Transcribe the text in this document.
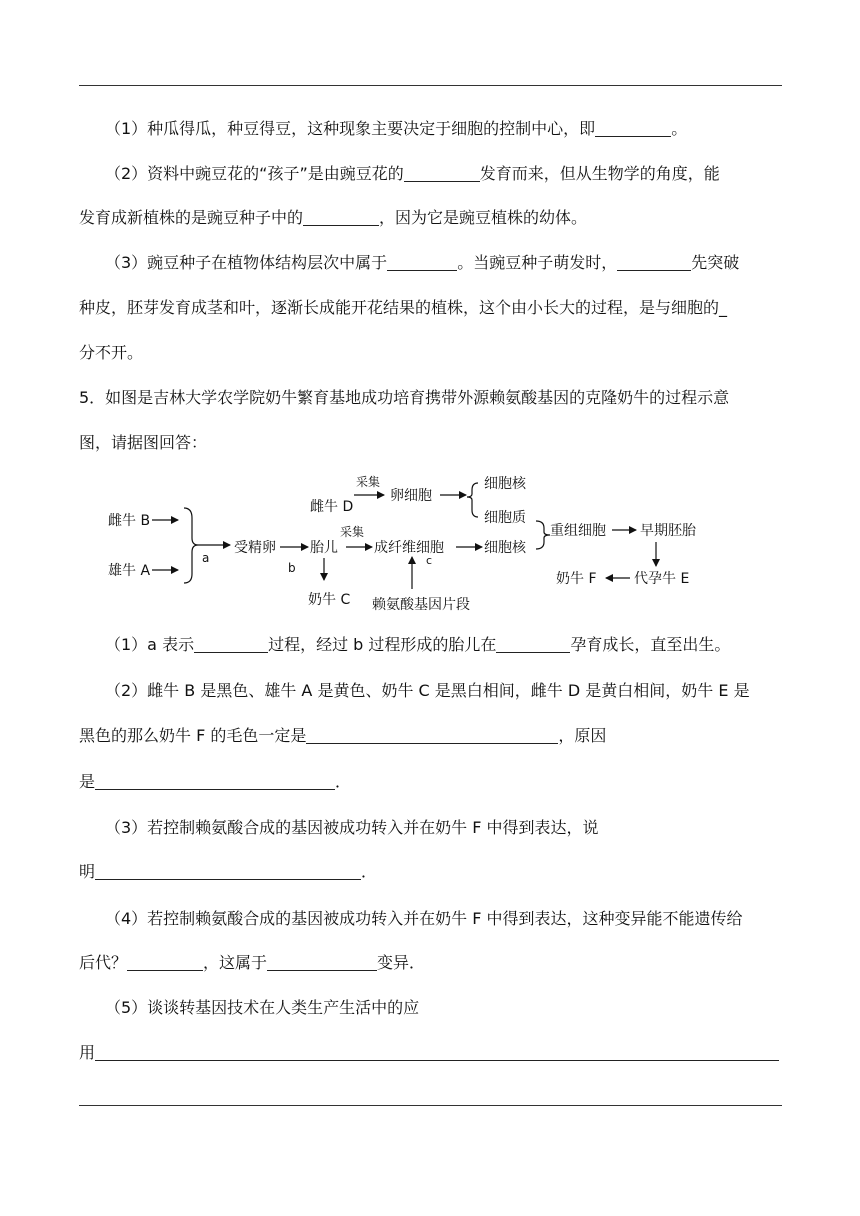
（1）种瓜得瓜，种豆得豆，这种现象主要决定于细胞的控制中心，即	。
（2）资料中豌豆花的“孩子”是由豌豆花的	发育而来，但从生物学的角度，能
发育成新植株的是豌豆种子中的	，因为它是豌豆植株的幼体。
（3）豌豆种子在植物体结构层次中属于	。当豌豆种子萌发时，	先突破
种皮，胚芽发育成茎和叶，逐渐长成能开花结果的植株，这个由小长大的过程，是与细胞的_
分不开。
5．如图是吉林大学农学院奶牛繁育基地成功培育携带外源赖氨酸基因的克隆奶牛的过程示意
图，请据图回答：
雌牛 B
雄牛 A
a
受精卵
b
胎儿
采集
成纤维细胞
c
奶牛 C 赖氨酸基因片段
雌牛 D
采集
卵细胞
细胞核
细胞质
细胞核
重组细胞 早期胚胎
代孕牛 E
奶牛 F
（1）a 表示	过程，经过 b 过程形成的胎儿在	孕育成长，直至出生。
（2）雌牛 B 是黑色、雄牛 A 是黄色、奶牛 C 是黑白相间，雌牛 D 是黄白相间，奶牛 E 是
黑色的那么奶牛 F 的毛色一定是	，原因
是	．
（3）若控制赖氨酸合成的基因被成功转入并在奶牛 F 中得到表达，说
明	．
（4）若控制赖氨酸合成的基因被成功转入并在奶牛 F 中得到表达，这种变异能不能遗传给
后代？	，这属于	变异．
（5）谈谈转基因技术在人类生产生活中的应
用
